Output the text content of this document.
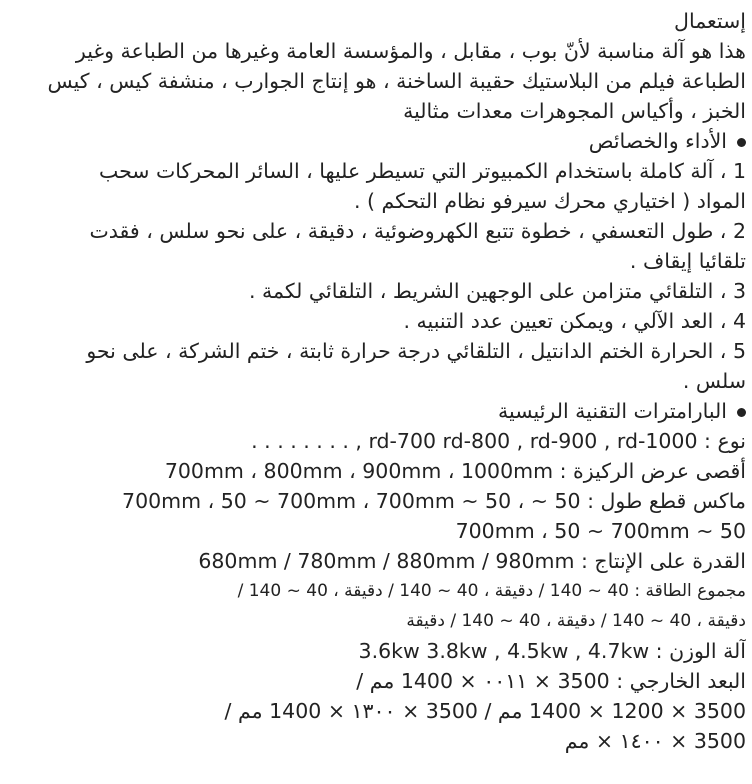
إستعمال
هذا هو آلة مناسبة لأنّ بوب ، مقابل ، والمؤسسة العامة وغيرها من الطباعة وغير
الطباعة فيلم من البلاستيك حقيبة الساخنة ، هو إنتاج الجوارب ، منشفة كيس ، كيس
الخبز ، وأكياس المجوهرات معدات مثالية
الأداء والخصائص
1 ، آلة كاملة باستخدام الكمبيوتر التي تسيطر عليها ، السائر المحركات سحب
المواد ( اختياري محرك سيرفو نظام التحكم ) .
2 ، طول التعسفي ، خطوة تتبع الكهروضوئية ، دقيقة ، على نحو سلس ، فقدت
تلقائيا إيقاف .
3 ، التلقائي متزامن على الوجهين الشريط ، التلقائي لكمة .
4 ، العد الآلي ، ويمكن تعيين عدد التنبيه .
5 ، الحرارة الختم الدانتيل ، التلقائي درجة حرارة ثابتة ، ختم الشركة ، على نحو
سلس .
البارامترات التقنية الرئيسية
نوع : rd-700 rd-800 , rd-900 , rd-1000 , . . . . . . . .
أقصى عرض الركيزة : 700mm ، 800mm ، 900mm ، 1000mm
ماكس قطع طول : 50 ~ ، 50 ~ 700mm ، 50 ~ 700mm ، 700mm
50 ~ 700mm ، 50 ~ 700mm
القدرة على الإنتاج : 680mm / 780mm / 880mm / 980mm
مجموع الطاقة : 40 ~ 140 / دقيقة ، 40 ~ 140 / دقيقة ، 40 ~ 140 /
دقيقة ، 40 ~ 140 / دقيقة ، 40 ~ 140 / دقيقة
آلة الوزن : 3.6kw 3.8kw , 4.5kw , 4.7kw
البعد الخارجي : 3500 × ٠٠١١ × 1400 مم /
3500 × 1200 × 1400 مم / 3500 × ١٣٠٠ × 1400 مم /
3500 × ١٤٠٠ × مم
